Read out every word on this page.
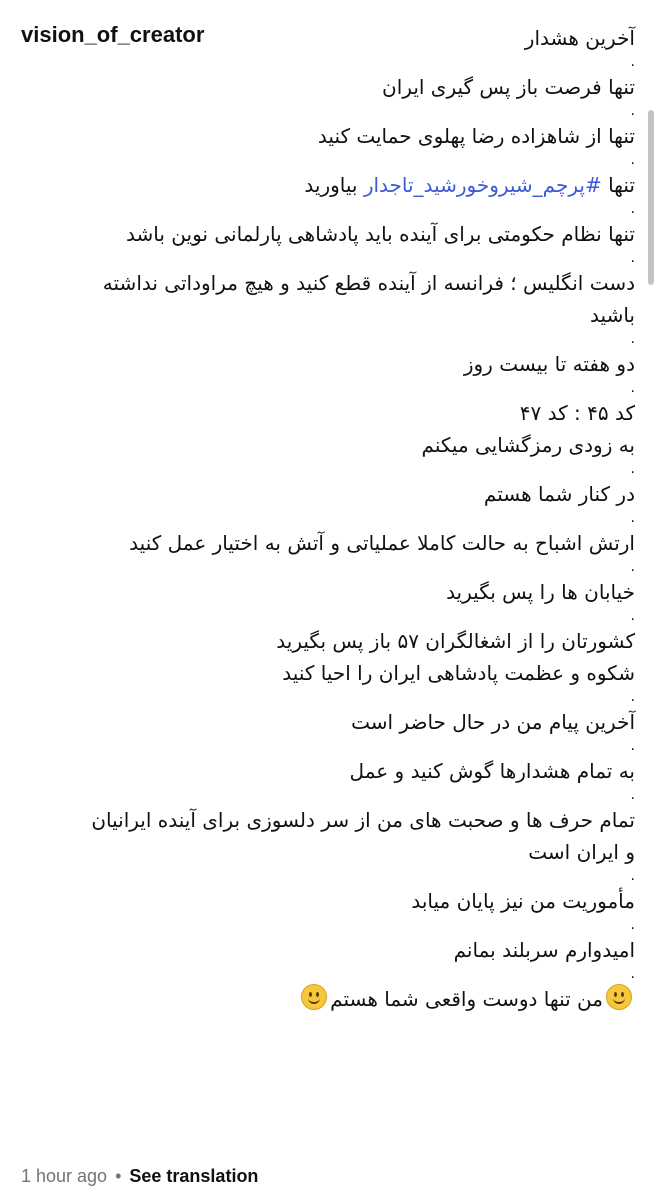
vision_of_creator	آخرین هشدار
.
تنها فرصت باز پس گیری ایران
.
تنها از شاهزاده رضا پهلوی حمایت کنید
.
تنها #پرچم_شیروخورشید_تاجدار بیاورید
.
تنها نظام حکومتی برای آینده باید پادشاهی پارلمانی نوین باشد
.
دست انگلیس ؛ فرانسه از آینده قطع کنید و هیچ مراوداتی نداشته
باشید
.
دو هفته تا بیست روز
.
کد ۴۵ : کد ۴۷
به زودی رمزگشایی میکنم
.
در کنار شما هستم
.
ارتش اشباح به حالت کاملا عملیاتی و آتش به اختیار عمل کنید
.
خیابان ها را پس بگیرید
.
کشورتان را از اشغالگران ۵۷ باز پس بگیرید
شکوه و عظمت پادشاهی ایران را احیا کنید
.
آخرین پیام من در حال حاضر است
.
به تمام هشدارها گوش کنید و عمل
.
تمام حرف ها و صحبت های من از سر دلسوزی برای آینده ایرانیان
و ایران است
.
مأموریت من نیز پایان میابد
.
امیدوارم سربلند بمانم
.
من تنها دوست واقعی شما هستم
1 hour ago • See translation
